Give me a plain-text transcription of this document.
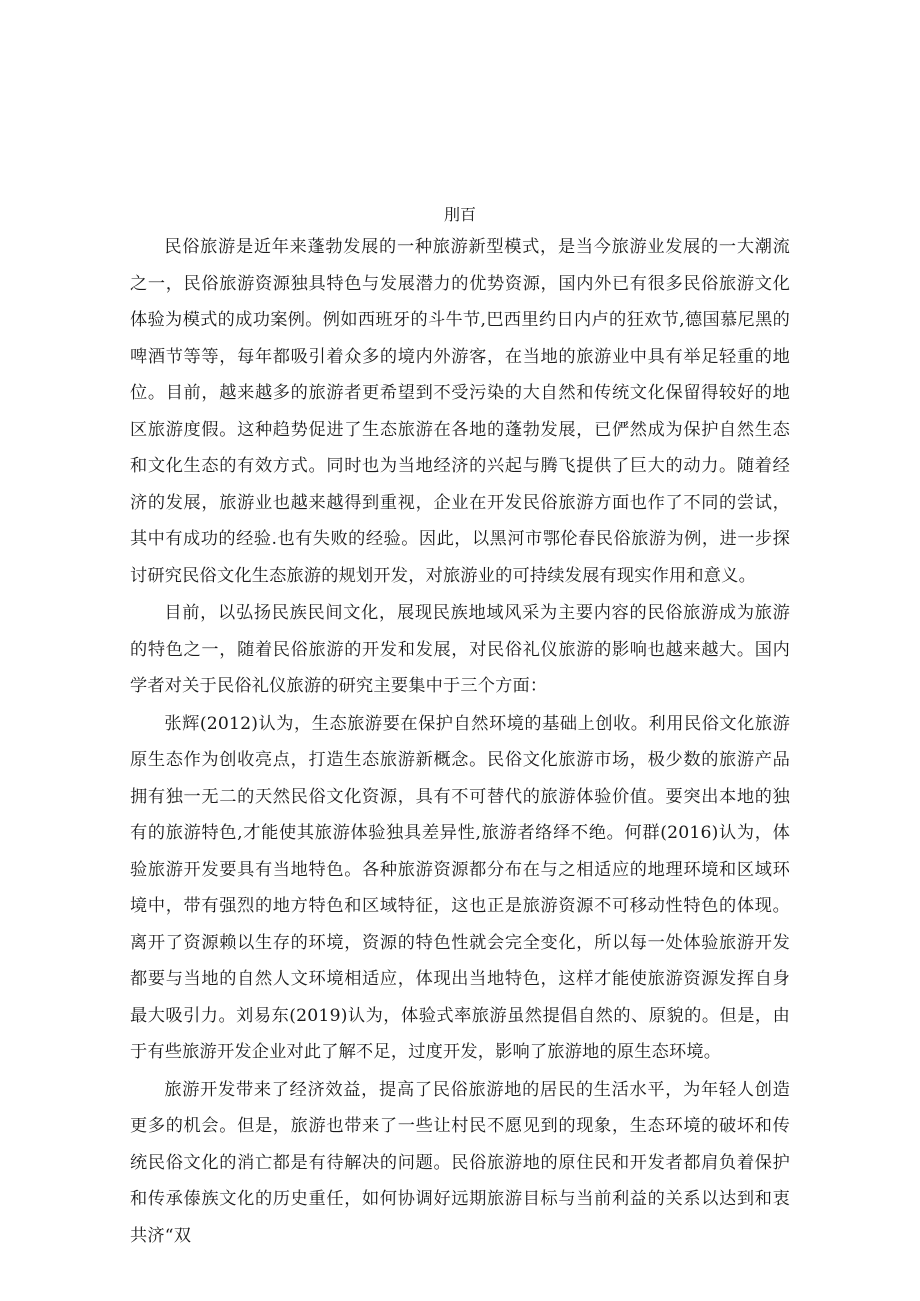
刖百

民俗旅游是近年来蓬勃发展的一种旅游新型模式，是当今旅游业发展的一大潮流之一，民俗旅游资源独具特色与发展潜力的优势资源，国内外已有很多民俗旅游文化体验为模式的成功案例。例如西班牙的斗牛节,巴西里约日内卢的狂欢节,德国慕尼黑的啤酒节等等，每年都吸引着众多的境内外游客，在当地的旅游业中具有举足轻重的地位。目前，越来越多的旅游者更希望到不受污染的大自然和传统文化保留得较好的地区旅游度假。这种趋势促进了生态旅游在各地的蓬勃发展，已俨然成为保护自然生态和文化生态的有效方式。同时也为当地经济的兴起与腾飞提供了巨大的动力。随着经济的发展，旅游业也越来越得到重视，企业在开发民俗旅游方面也作了不同的尝试，其中有成功的经验.也有失败的经验。因此，以黑河市鄂伦春民俗旅游为例，进一步探讨研究民俗文化生态旅游的规划开发，对旅游业的可持续发展有现实作用和意义。

目前，以弘扬民族民间文化，展现民族地域风采为主要内容的民俗旅游成为旅游的特色之一，随着民俗旅游的开发和发展，对民俗礼仪旅游的影响也越来越大。国内学者对关于民俗礼仪旅游的研究主要集中于三个方面：

张辉(2012)认为，生态旅游要在保护自然环境的基础上创收。利用民俗文化旅游原生态作为创收亮点，打造生态旅游新概念。民俗文化旅游市场，极少数的旅游产品拥有独一无二的天然民俗文化资源，具有不可替代的旅游体验价值。要突出本地的独有的旅游特色,才能使其旅游体验独具差异性,旅游者络绎不绝。何群(2016)认为，体验旅游开发要具有当地特色。各种旅游资源都分布在与之相适应的地理环境和区域环境中，带有强烈的地方特色和区域特征，这也正是旅游资源不可移动性特色的体现。离开了资源赖以生存的环境，资源的特色性就会完全变化，所以每一处体验旅游开发都要与当地的自然人文环境相适应，体现出当地特色，这样才能使旅游资源发挥自身最大吸引力。刘易东(2019)认为，体验式率旅游虽然提倡自然的、原貌的。但是，由于有些旅游开发企业对此了解不足，过度开发，影响了旅游地的原生态环境。

旅游开发带来了经济效益，提高了民俗旅游地的居民的生活水平，为年轻人创造更多的机会。但是，旅游也带来了一些让村民不愿见到的现象，生态环境的破坏和传统民俗文化的消亡都是有待解决的问题。民俗旅游地的原住民和开发者都肩负着保护和传承傣族文化的历史重任，如何协调好远期旅游目标与当前利益的关系以达到和衷共济“双
